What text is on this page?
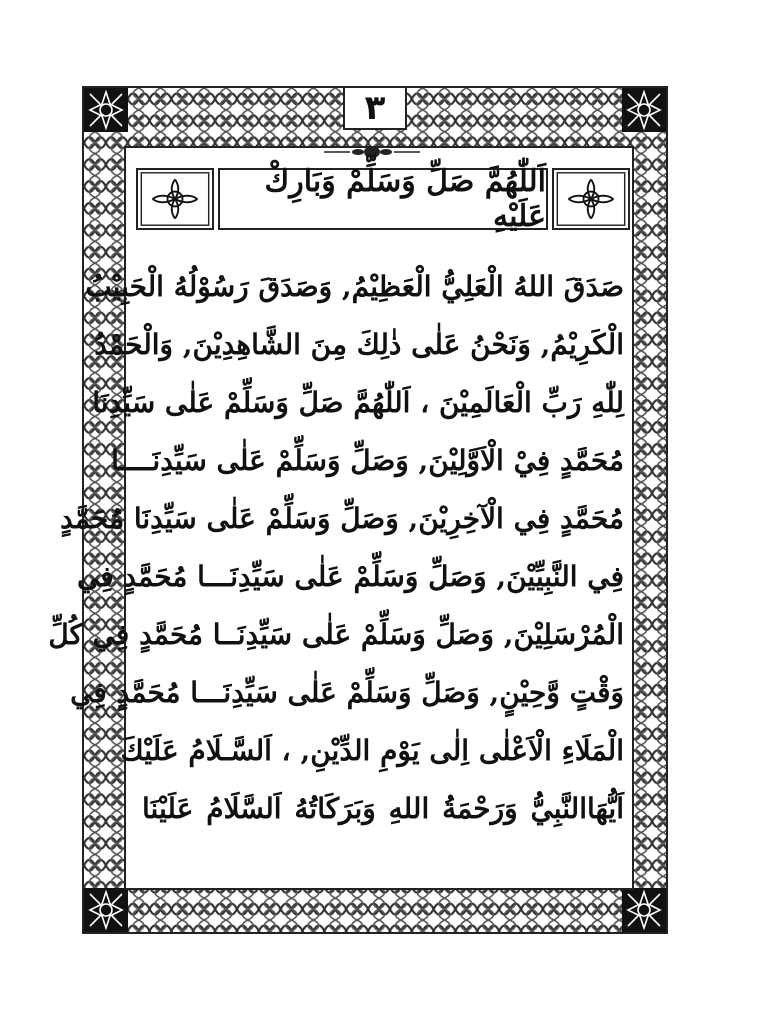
٣
اَللّٰهُمَّ صَلِّ وَسَلِّمْ وَبَارِكْ عَلَيْهِ
صَدَقَ اللهُ الْعَلِيُّ الْعَظِيْمُ, وَصَدَقَ رَسُوْلُهُ الْحَبِيْبُ
الْكَرِيْمُ, وَنَحْنُ عَلٰى ذٰلِكَ مِنَ الشَّاهِدِيْنَ, وَالْحَمْدُ
لِلّٰهِ رَبِّ الْعَالَمِيْنَ ، اَللّٰهُمَّ صَلِّ وَسَلِّمْ عَلٰى سَيِّدِنَا
مُحَمَّدٍ فِيْ الْاَوَّلِيْنَ, وَصَلِّ وَسَلِّمْ عَلٰى سَيِّدِنَــــا
مُحَمَّدٍ فِي الْآخِرِيْنَ, وَصَلِّ وَسَلِّمْ عَلٰى سَيِّدِنَا مُحَمَّدٍ
فِي النَّبِيِّيْنَ, وَصَلِّ وَسَلِّمْ عَلٰى سَيِّدِنَـــا مُحَمَّدٍ فِي
الْمُرْسَلِيْنَ, وَصَلِّ وَسَلِّمْ عَلٰى سَيِّدِنَــا مُحَمَّدٍ فِي كُلِّ
وَقْتٍ وَّحِيْنٍ, وَصَلِّ وَسَلِّمْ عَلٰى سَيِّدِنَـــا مُحَمَّدٍ فِي
الْمَلَاءِ الْاَعْلٰى اِلٰى يَوْمِ الدِّيْنِ, ، اَلسَّـلَامُ عَلَيْكَ
اَيُّهَاالنَّبِيُّ وَرَحْمَةُ اللهِ وَبَرَكَاتُهُ اَلسَّلَامُ عَلَيْنَا
